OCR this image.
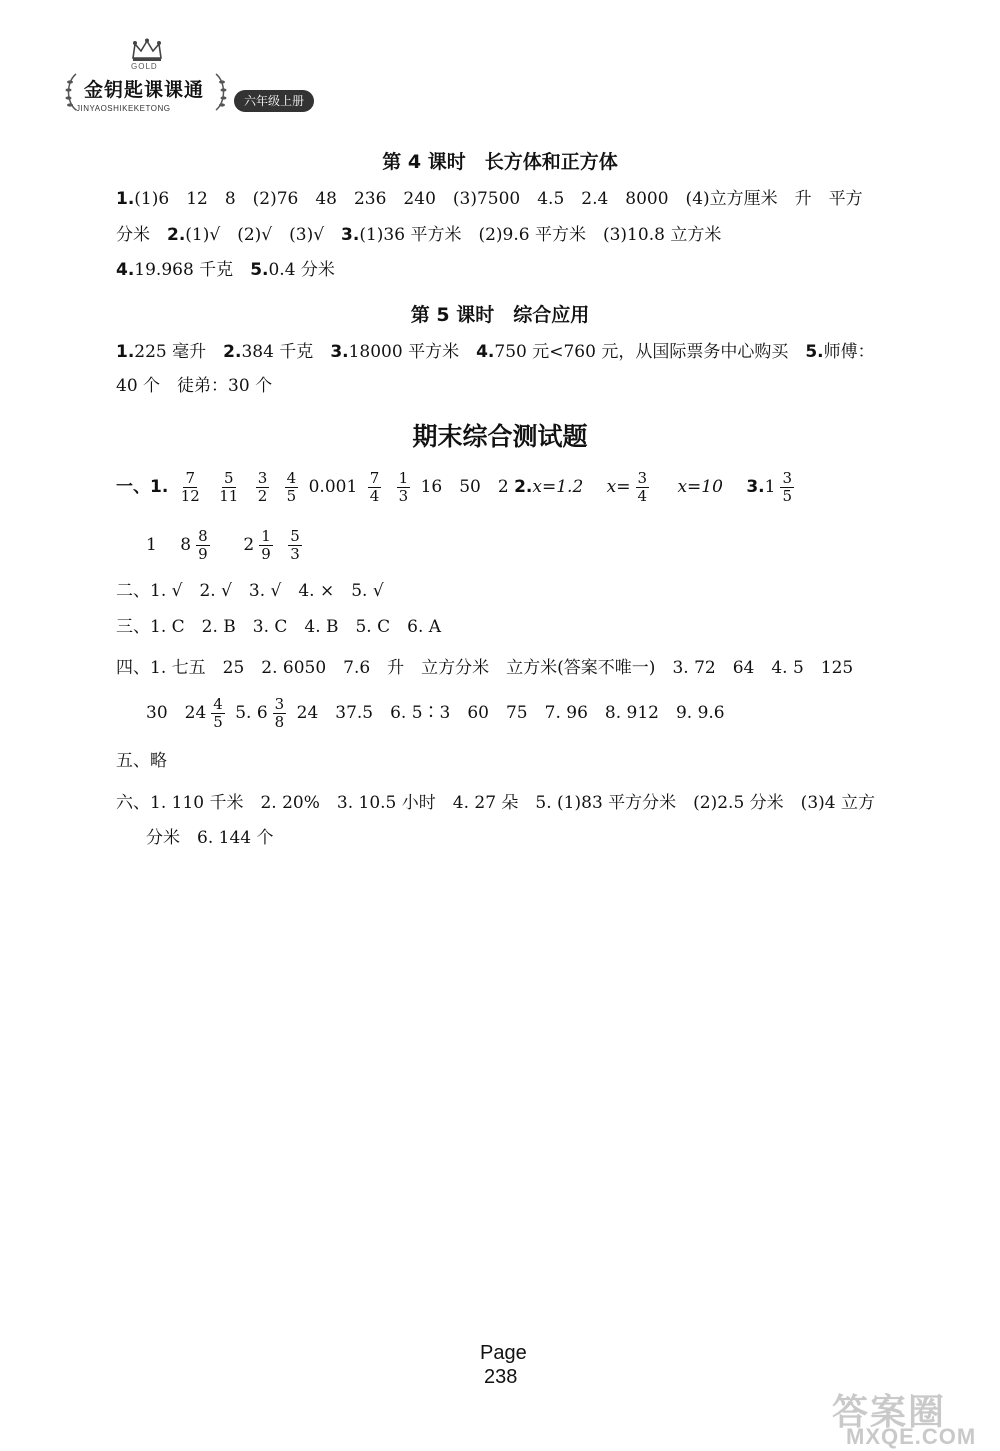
GOLD
金钥匙课课通
JINYAOSHIKEKETONG
六年级上册
第 4 课时　长方体和正方体
1.(1)6　12　8　(2)76　48　236　240　(3)7500　4.5　2.4　8000　(4)立方厘米　升　平方
分米　2.(1)√　(2)√　(3)√　3.(1)36 平方米　(2)9.6 平方米　(3)10.8 立方米
4.19.968 千克　5.0.4 分米
第 5 课时　综合应用
1.225 毫升　2.384 千克　3.18000 平方米　4.750 元<760 元，从国际票务中心购买　5.师傅：
40 个　徒弟：30 个
期末综合测试题
一、1. $\frac{7}{12}$
$\frac{5}{11}$
$\frac{3}{2}$
$\frac{4}{5} 0.001 \frac{7}{4}$
$\frac{1}{3} 16$　50　2 2.x=1.2 $x= \frac{3}{4} x=10$ $3.1 \frac{3}{5}$
1 $8 \frac{8}{9} 2 \frac{1}{9}$
$\frac{5}{3}$
二、1. √　2. √　3. √　4. ×　5. √
三、1. C　2. B　3. C　4. B　5. C　6. A
四、1. 七五　25　2. 6050　7.6　升　立方分米　立方米(答案不唯一)　3. 72　64　4. 5　125
30　$24 \frac{4}{5} 5$. $6 \frac{3}{8} 24$　37.5　6. 5∶3　60　75　7. 96　8. 912　9. 9.6
五、略
六、1. 110 千米　2. 20%　3. 10.5 小时　4. 27 朵　5. (1)83 平方分米　(2)2.5 分米　(3)4 立方
分米　6. 144 个
Page
238
答案圈
MXQE.COM
